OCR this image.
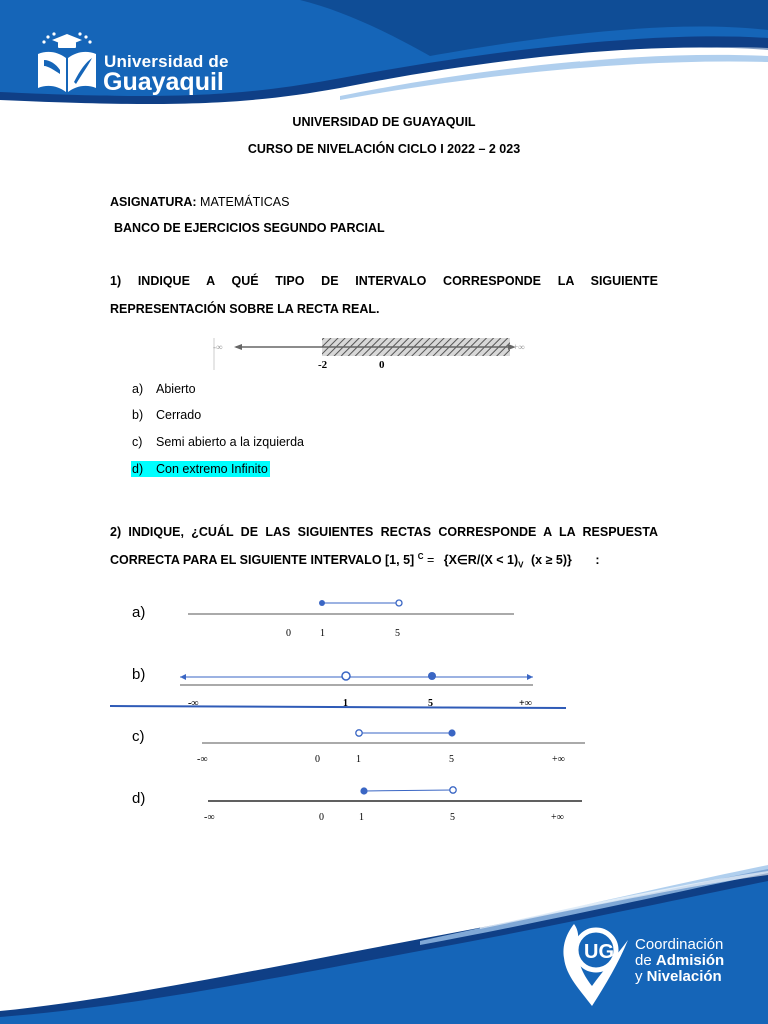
Universidad de
Guayaquil
UNIVERSIDAD DE GUAYAQUIL
CURSO DE NIVELACIÓN CICLO I 2022 – 2 023
ASIGNATURA: MATEMÁTICAS
BANCO DE EJERCICIOS SEGUNDO PARCIAL
1) INDIQUE A QUÉ TIPO DE INTERVALO CORRESPONDE LA SIGUIENTE
REPRESENTACIÓN SOBRE LA RECTA REAL.
-∞	+∞
-2	0
a) Abierto
b) Cerrado
c) Semi abierto a la izquierda
d) Con extremo Infinito
2) INDIQUE, ¿CUÁL DE LAS SIGUIENTES RECTAS CORRESPONDE A LA RESPUESTA
CORRECTA PARA EL SIGUIENTE INTERVALO [1, 5] $^C$ = {X∈R/(X < $1)_V$ (x ≥ 5)} :
a)
b)
c)
d)
0	1	5
-∞	1	5	+∞
-∞	0	1	5	+∞
-∞	0	1	5	+∞
UG Coordinación
de Admisión
y Nivelación
